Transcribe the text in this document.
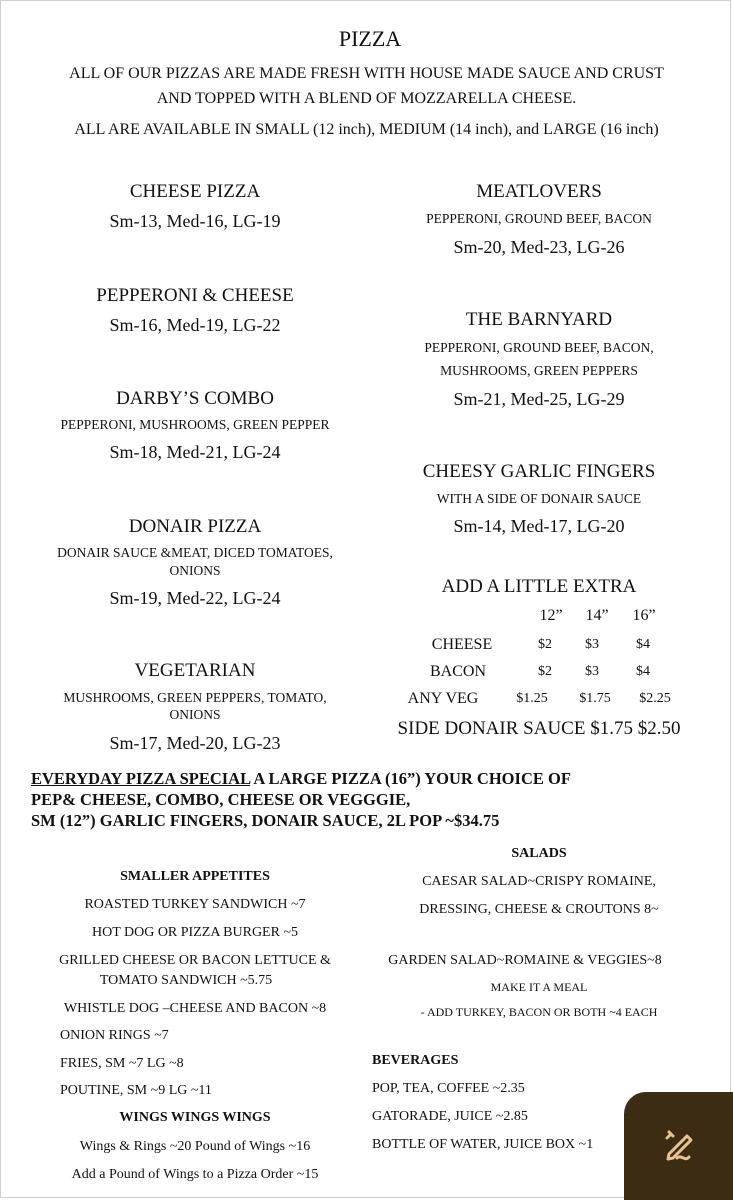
PIZZA
ALL OF OUR PIZZAS ARE MADE FRESH WITH HOUSE MADE SAUCE AND CRUST
AND TOPPED WITH A BLEND OF MOZZARELLA CHEESE.
ALL ARE AVAILABLE IN SMALL (12 inch), MEDIUM (14 inch), and LARGE (16 inch)
CHEESE PIZZA
Sm-13, Med-16, LG-19
PEPPERONI & CHEESE
Sm-16, Med-19, LG-22
DARBY’S COMBO
PEPPERONI, MUSHROOMS, GREEN PEPPER
Sm-18, Med-21, LG-24
DONAIR PIZZA
DONAIR SAUCE &MEAT, DICED TOMATOES,
ONIONS
Sm-19, Med-22, LG-24
VEGETARIAN
MUSHROOMS, GREEN PEPPERS, TOMATO,
ONIONS
Sm-17, Med-20, LG-23
MEATLOVERS
PEPPERONI, GROUND BEEF, BACON
Sm-20, Med-23, LG-26
THE BARNYARD
PEPPERONI, GROUND BEEF, BACON,
MUSHROOMS, GREEN PEPPERS
Sm-21, Med-25, LG-29
CHEESY GARLIC FINGERS
WITH A SIDE OF DONAIR SAUCE
Sm-14, Med-17, LG-20
ADD A LITTLE EXTRA
12” 14” 16”
CHEESE	$2 $3	$4
BACON	$2 $3	$4
ANY VEG	$1.25 $1.75 $2.25
SIDE DONAIR SAUCE $1.75 $2.50
EVERYDAY PIZZA SPECIAL A LARGE PIZZA (16”) YOUR CHOICE OF
PEP& CHEESE, COMBO, CHEESE OR VEGGGIE,
SM (12”) GARLIC FINGERS, DONAIR SAUCE, 2L POP ~$34.75
SMALLER APPETITES
ROASTED TURKEY SANDWICH ~7
HOT DOG OR PIZZA BURGER ~5
GRILLED CHEESE OR BACON LETTUCE &
TOMATO SANDWICH ~5.75
WHISTLE DOG –CHEESE AND BACON ~8
ONION RINGS ~7
FRIES, SM ~7 LG ~8
POUTINE, SM ~9 LG ~11
WINGS WINGS WINGS
Wings & Rings ~20 Pound of Wings ~16
Add a Pound of Wings to a Pizza Order ~15
SALADS
CAESAR SALAD~CRISPY ROMAINE,
DRESSING, CHEESE & CROUTONS 8~
GARDEN SALAD~ROMAINE & VEGGIES~8
MAKE IT A MEAL
- ADD TURKEY, BACON OR BOTH ~4 EACH
BEVERAGES
POP, TEA, COFFEE ~2.35
GATORADE, JUICE ~2.85
BOTTLE OF WATER, JUICE BOX ~1
